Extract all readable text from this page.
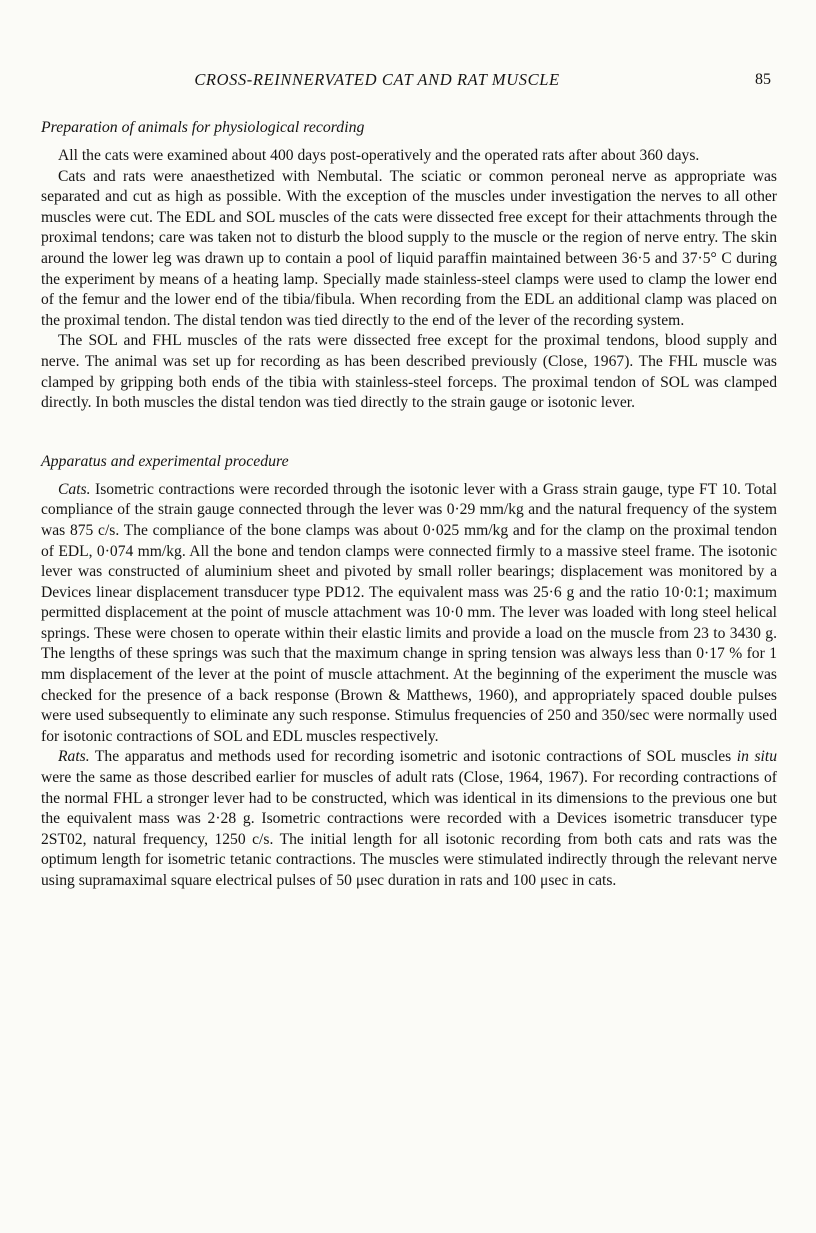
CROSS-REINNERVATED CAT AND RAT MUSCLE	85
Preparation of animals for physiological recording

All the cats were examined about 400 days post-operatively and the operated rats after about 360 days.

Cats and rats were anaesthetized with Nembutal. The sciatic or common peroneal nerve as appropriate was separated and cut as high as possible. With the exception of the muscles under investigation the nerves to all other muscles were cut. The EDL and SOL muscles of the cats were dissected free except for their attachments through the proximal tendons; care was taken not to disturb the blood supply to the muscle or the region of nerve entry. The skin around the lower leg was drawn up to contain a pool of liquid paraffin maintained between 36·5 and 37·5° C during the experiment by means of a heating lamp. Specially made stainless-steel clamps were used to clamp the lower end of the femur and the lower end of the tibia/fibula. When recording from the EDL an additional clamp was placed on the proximal tendon. The distal tendon was tied directly to the end of the lever of the recording system.

The SOL and FHL muscles of the rats were dissected free except for the proximal tendons, blood supply and nerve. The animal was set up for recording as has been described previously (Close, 1967). The FHL muscle was clamped by gripping both ends of the tibia with stainless-steel forceps. The proximal tendon of SOL was clamped directly. In both muscles the distal tendon was tied directly to the strain gauge or isotonic lever.

Apparatus and experimental procedure

Cats. Isometric contractions were recorded through the isotonic lever with a Grass strain gauge, type FT 10. Total compliance of the strain gauge connected through the lever was 0·29 mm/kg and the natural frequency of the system was 875 c/s. The compliance of the bone clamps was about 0·025 mm/kg and for the clamp on the proximal tendon of EDL, 0·074 mm/kg. All the bone and tendon clamps were connected firmly to a massive steel frame. The isotonic lever was constructed of aluminium sheet and pivoted by small roller bearings; displacement was monitored by a Devices linear displacement transducer type PD12. The equivalent mass was 25·6 g and the ratio 10·0:1; maximum permitted displacement at the point of muscle attachment was 10·0 mm. The lever was loaded with long steel helical springs. These were chosen to operate within their elastic limits and provide a load on the muscle from 23 to 3430 g. The lengths of these springs was such that the maximum change in spring tension was always less than 0·17 % for 1 mm displacement of the lever at the point of muscle attachment. At the beginning of the experiment the muscle was checked for the presence of a back response (Brown & Matthews, 1960), and appropriately spaced double pulses were used subsequently to eliminate any such response. Stimulus frequencies of 250 and 350/sec were normally used for isotonic contractions of SOL and EDL muscles respectively.

Rats. The apparatus and methods used for recording isometric and isotonic contractions of SOL muscles in situ were the same as those described earlier for muscles of adult rats (Close, 1964, 1967). For recording contractions of the normal FHL a stronger lever had to be constructed, which was identical in its dimensions to the previous one but the equivalent mass was 2·28 g. Isometric contractions were recorded with a Devices isometric transducer type 2ST02, natural frequency, 1250 c/s. The initial length for all isotonic recording from both cats and rats was the optimum length for isometric tetanic contractions. The muscles were stimulated indirectly through the relevant nerve using supramaximal square electrical pulses of 50 μsec duration in rats and 100 μsec in cats.
